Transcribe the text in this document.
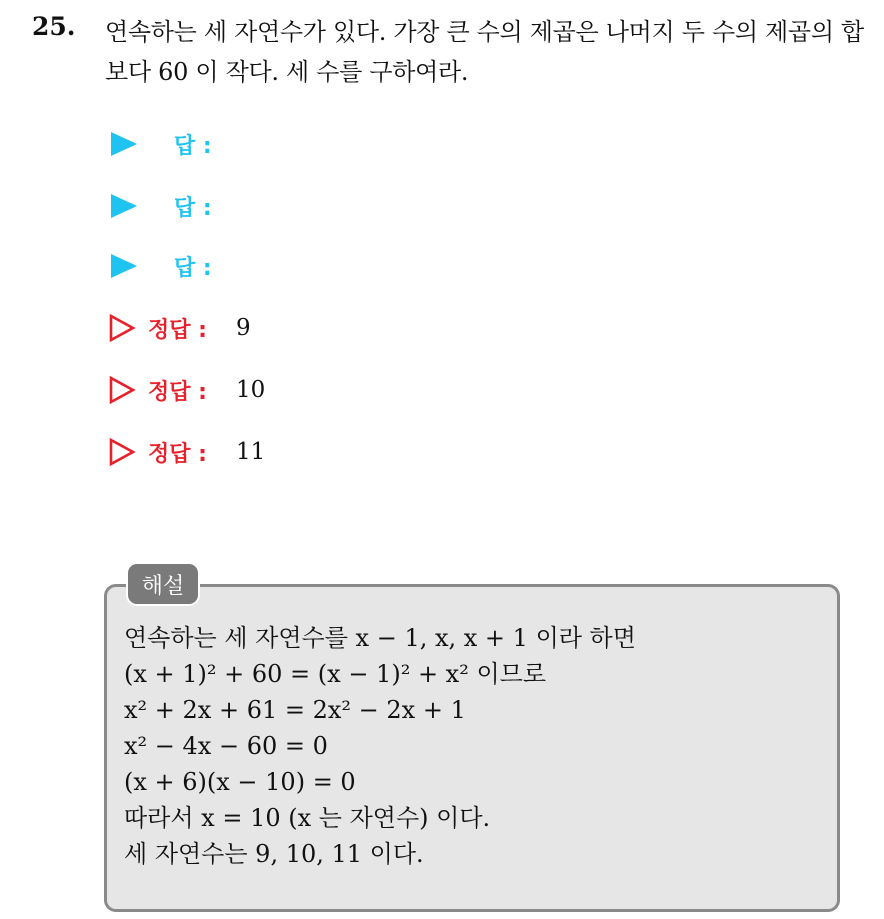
25. 연속하는 세 자연수가 있다. 가장 큰 수의 제곱은 나머지 두 수의 제곱의 합보다 60 이 작다. 세 수를 구하여라.
답 :
답 :
답 :
정답 : 9
정답 : 10
정답 : 11
해설
연속하는 세 자연수를 x − 1, x, x + 1 이라 하면
(x + 1)² + 60 = (x − 1)² + x² 이므로
x² + 2x + 61 = 2x² − 2x + 1
x² − 4x − 60 = 0
(x + 6)(x − 10) = 0
따라서 x = 10 (x 는 자연수) 이다.
세 자연수는 9, 10, 11 이다.
